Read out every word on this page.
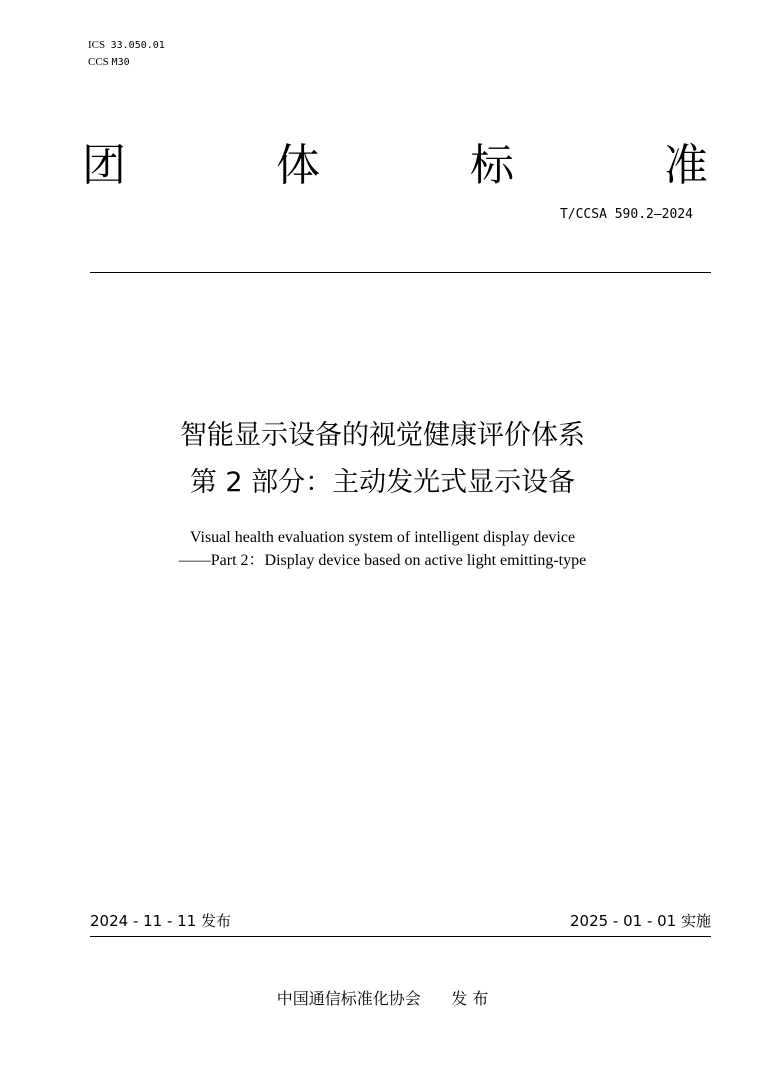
ICS 33.050.01
CCS M30
团	体	标	准
T/CCSA 590.2—2024
智能显示设备的视觉健康评价体系
第 2 部分：主动发光式显示设备
Visual health evaluation system of intelligent display device
——Part 2：Display device based on active light emitting-type
2024 - 11 - 11 发布	2025 - 01 - 01 实施
中国通信标准化协会 发 布
